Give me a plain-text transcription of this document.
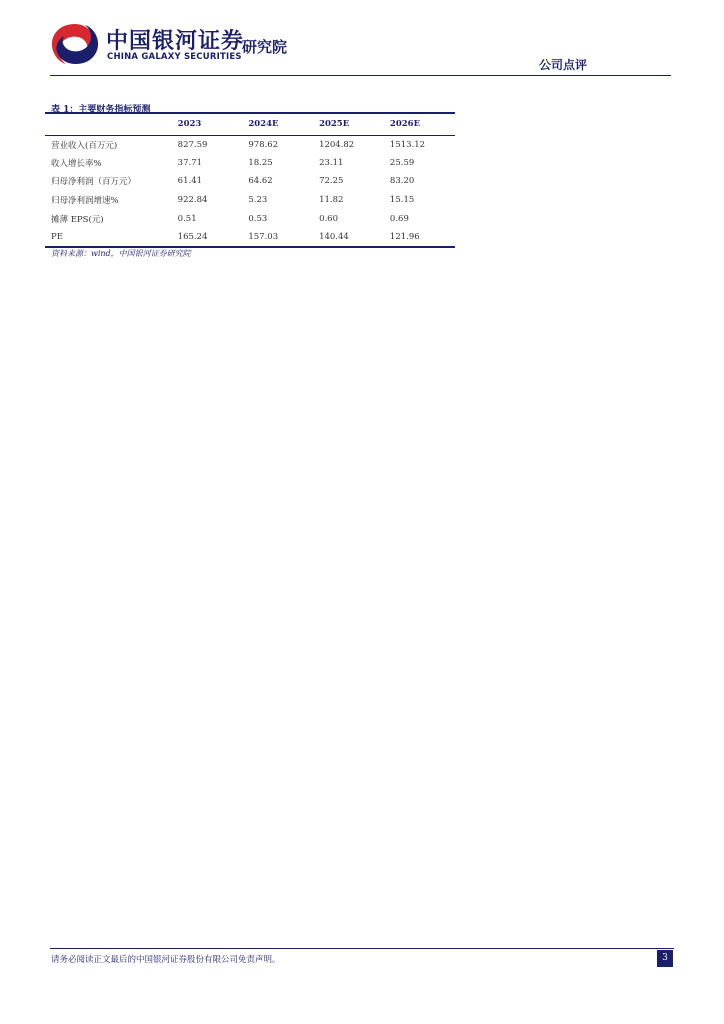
中国银河证券
CHINA GALAXY SECURITIES
研究院
公司点评
表 1：主要财务指标预测
	2023	2024E	2025E	2026E
营业收入(百万元)	827.59	978.62	1204.82	1513.12
收入增长率%	37.71	18.25	23.11	25.59
归母净利润（百万元）	61.41	64.62	72.25	83.20
归母净利润增速%	922.84	5.23	11.82	15.15
摊薄 EPS(元)	0.51	0.53	0.60	0.69
PE	165.24	157.03	140.44	121.96
资料来源：wind，中国银河证券研究院
请务必阅读正文最后的中国银河证券股份有限公司免责声明。	3
